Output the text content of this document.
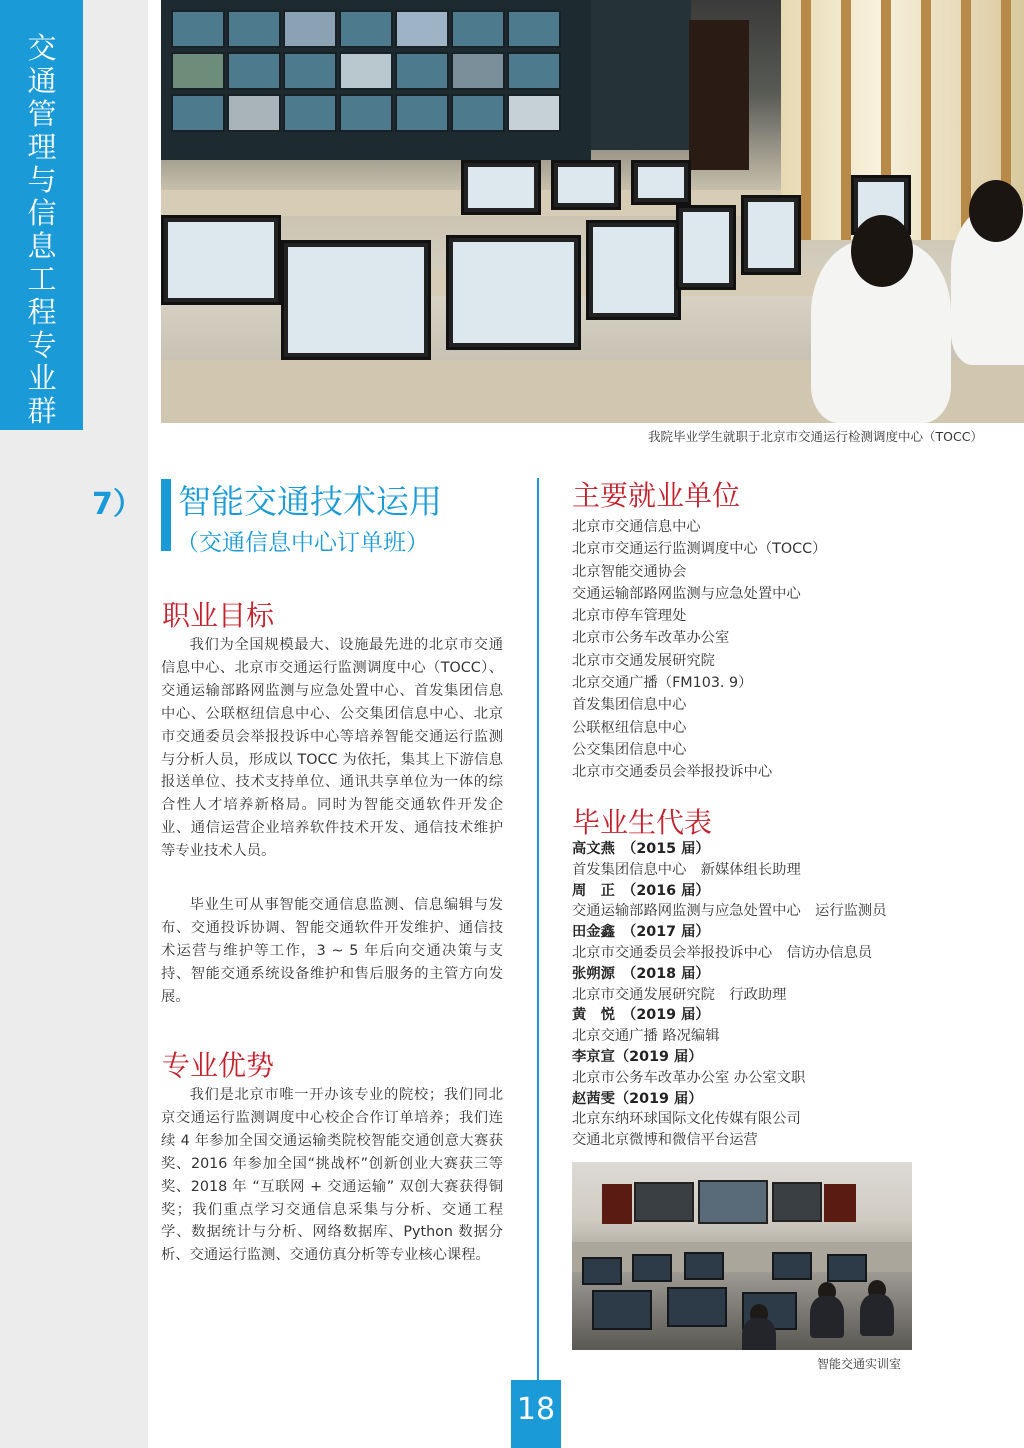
交通管理与信息工程专业群
我院毕业学生就职于北京市交通运行检测调度中心（TOCC）
7） 智能交通技术运用
（交通信息中心订单班）
职业目标

我们为全国规模最大、设施最先进的北京市交通信息中心、北京市交通运行监测调度中心（TOCC）、交通运输部路网监测与应急处置中心、首发集团信息中心、公联枢纽信息中心、公交集团信息中心、北京市交通委员会举报投诉中心等培养智能交通运行监测与分析人员，形成以 TOCC 为依托，集其上下游信息报送单位、技术支持单位、通讯共享单位为一体的综合性人才培养新格局。同时为智能交通软件开发企业、通信运营企业培养软件技术开发、通信技术维护等专业技术人员。

毕业生可从事智能交通信息监测、信息编辑与发布、交通投诉协调、智能交通软件开发维护、通信技术运营与维护等工作，3 ~ 5 年后向交通决策与支持、智能交通系统设备维护和售后服务的主管方向发展。

专业优势

我们是北京市唯一开办该专业的院校；我们同北京交通运行监测调度中心校企合作订单培养；我们连续 4 年参加全国交通运输类院校智能交通创意大赛获奖、2016 年参加全国“挑战杯”创新创业大赛获三等奖、2018 年 “互联网 + 交通运输” 双创大赛获得铜奖；我们重点学习交通信息采集与分析、交通工程学、数据统计与分析、网络数据库、Python 数据分析、交通运行监测、交通仿真分析等专业核心课程。

主要就业单位
北京市交通信息中心
北京市交通运行监测调度中心（TOCC）
北京智能交通协会
交通运输部路网监测与应急处置中心
北京市停车管理处
北京市公务车改革办公室
北京市交通发展研究院
北京交通广播（FM103. 9）
首发集团信息中心
公联枢纽信息中心
公交集团信息中心
北京市交通委员会举报投诉中心
毕业生代表
高文燕　（2015 届）
首发集团信息中心　新媒体组长助理
周　正　（2016 届）
交通运输部路网监测与应急处置中心　运行监测员
田金鑫　（2017 届）
北京市交通委员会举报投诉中心　信访办信息员
张朔源　（2018 届）
北京市交通发展研究院　行政助理
黄　悦　（2019 届）
北京交通广播 路况编辑
李京宣（2019 届）
北京市公务车改革办公室 办公室文职
赵茜雯（2019 届）
北京东纳环球国际文化传媒有限公司
交通北京微博和微信平台运营
智能交通实训室
18
